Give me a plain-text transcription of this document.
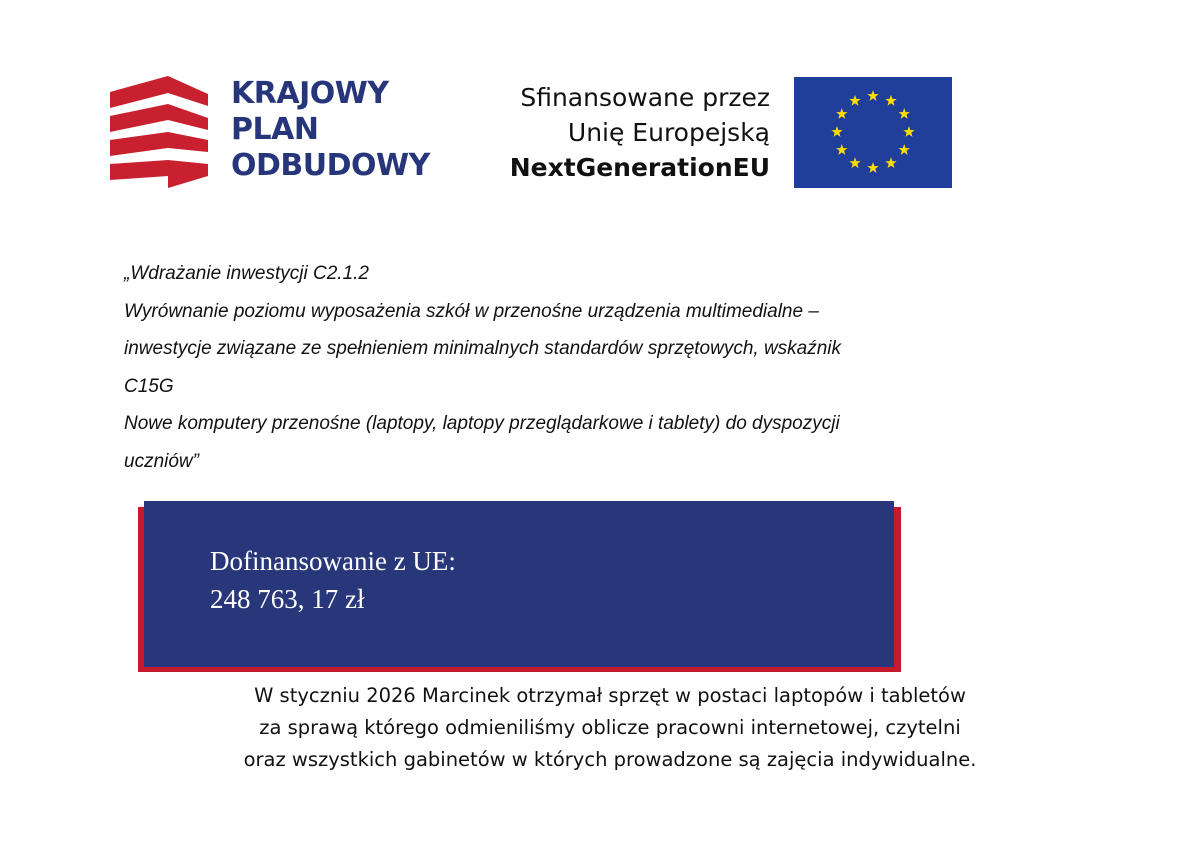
KRAJOWY
PLAN
ODBUDOWY
Sfinansowane przez
Unię Europejską
NextGenerationEU
„Wdrażanie inwestycji C2.1.2
Wyrównanie poziomu wyposażenia szkół w przenośne urządzenia multimedialne –
inwestycje związane ze spełnieniem minimalnych standardów sprzętowych, wskaźnik
C15G
Nowe komputery przenośne (laptopy, laptopy przeglądarkowe i tablety) do dyspozycji
uczniów”
Dofinansowanie z UE:
248 763, 17 zł
W styczniu 2026 Marcinek otrzymał sprzęt w postaci laptopów i tabletów
za sprawą którego odmieniliśmy oblicze pracowni internetowej, czytelni
oraz wszystkich gabinetów w których prowadzone są zajęcia indywidualne.
